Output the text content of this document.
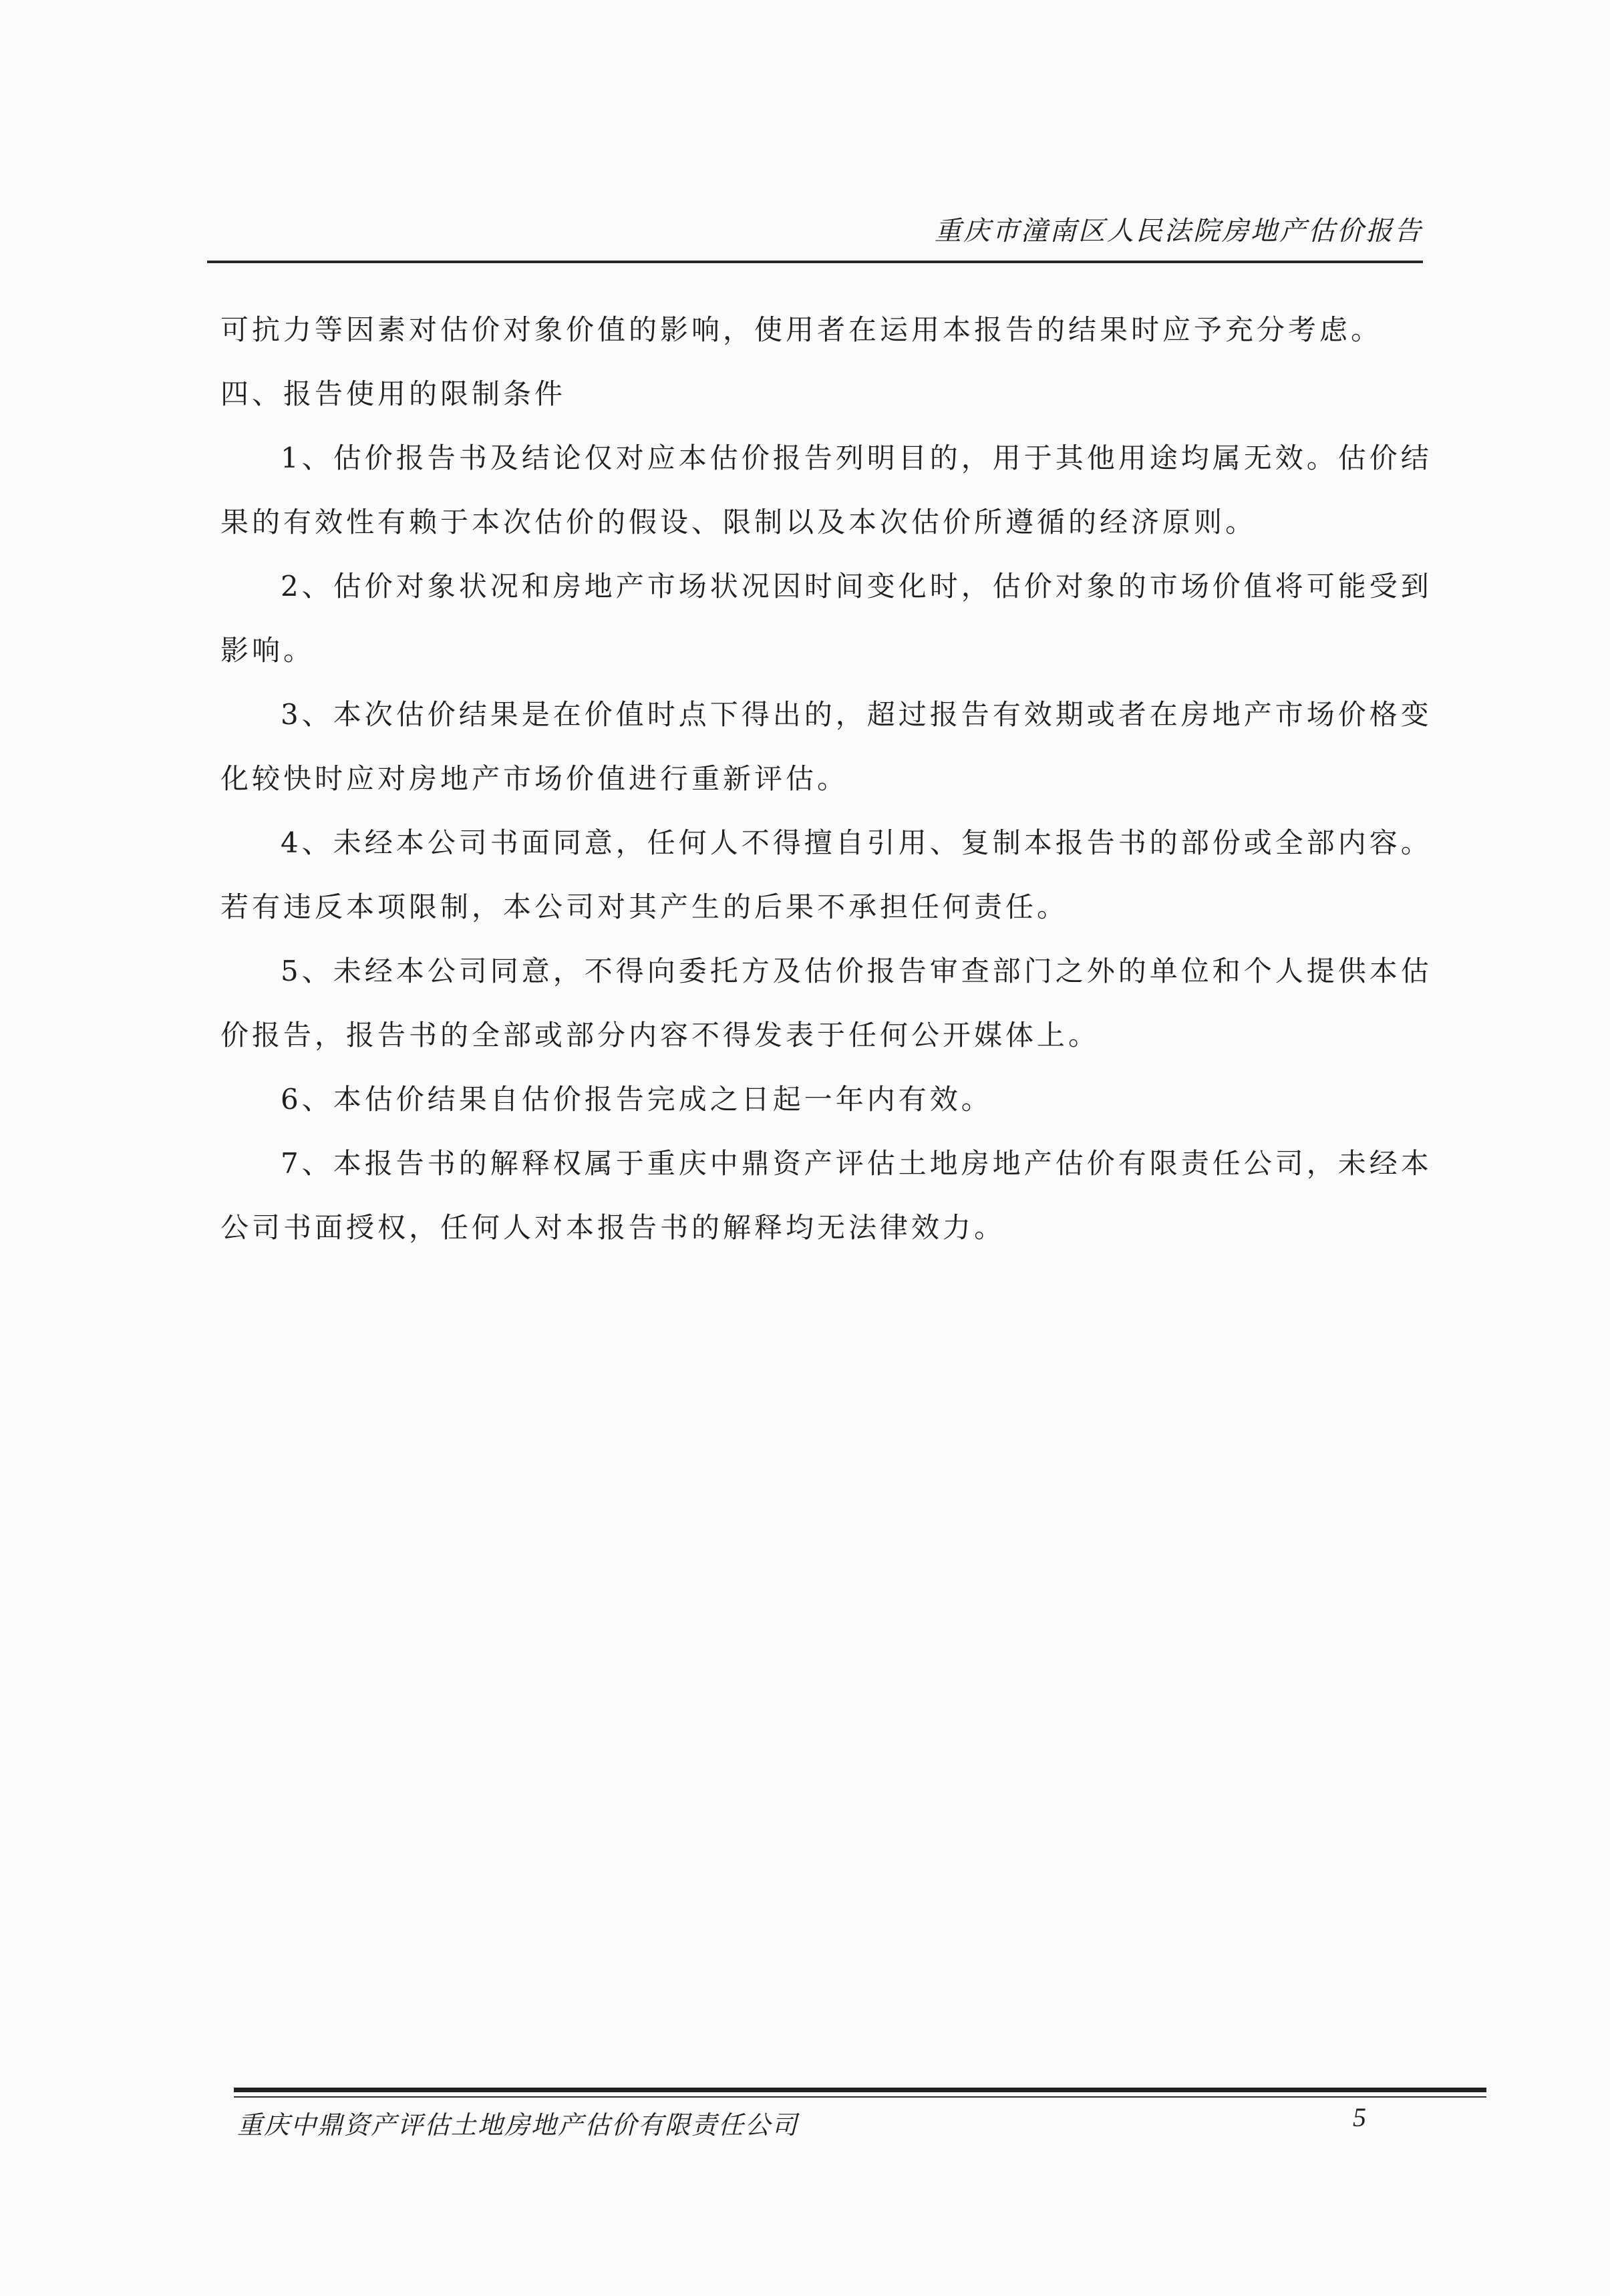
重庆市潼南区人民法院房地产估价报告

可抗力等因素对估价对象价值的影响，使用者在运用本报告的结果时应予充分考虑。

四、报告使用的限制条件

1、估价报告书及结论仅对应本估价报告列明目的，用于其他用途均属无效。估价结果的有效性有赖于本次估价的假设、限制以及本次估价所遵循的经济原则。

2、估价对象状况和房地产市场状况因时间变化时，估价对象的市场价值将可能受到影响。

3、本次估价结果是在价值时点下得出的，超过报告有效期或者在房地产市场价格变化较快时应对房地产市场价值进行重新评估。

4、未经本公司书面同意，任何人不得擅自引用、复制本报告书的部份或全部内容。若有违反本项限制，本公司对其产生的后果不承担任何责任。

5、未经本公司同意，不得向委托方及估价报告审查部门之外的单位和个人提供本估价报告，报告书的全部或部分内容不得发表于任何公开媒体上。

6、本估价结果自估价报告完成之日起一年内有效。

7、本报告书的解释权属于重庆中鼎资产评估土地房地产估价有限责任公司，未经本公司书面授权，任何人对本报告书的解释均无法律效力。

重庆中鼎资产评估土地房地产估价有限责任公司	5
